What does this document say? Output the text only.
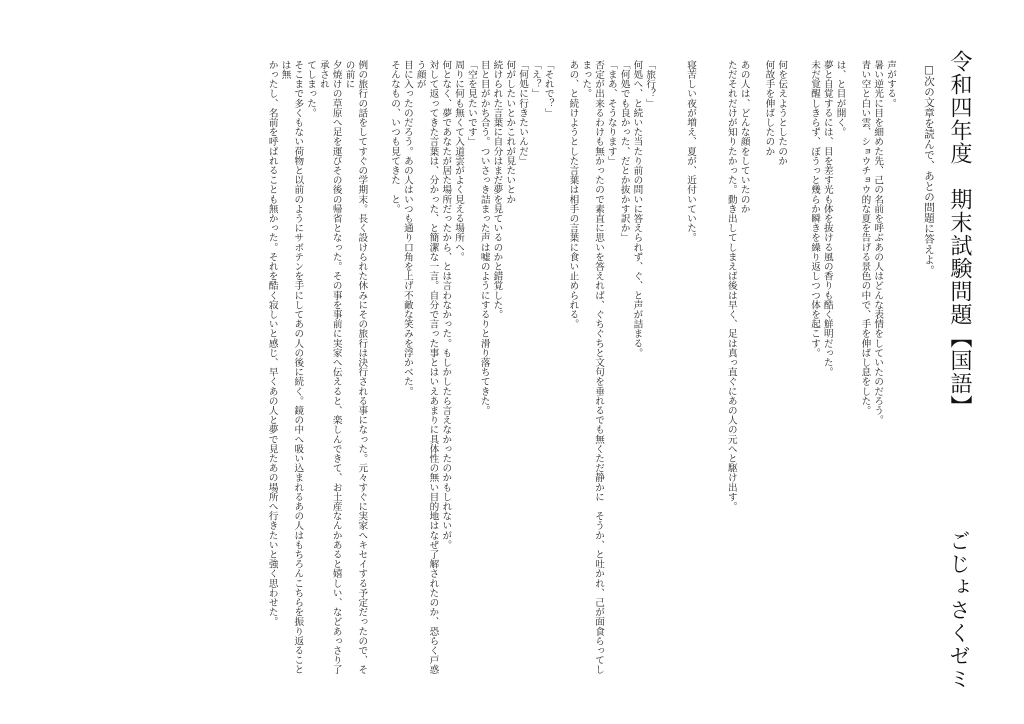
令和四年度　期末試験問題【国語】
ごじょさくゼミ
□次の文章を読んで、あとの問題に答えよ。

声がする。
暑い逆光に目を細めた先、己の名前を呼ぶあの人はどんな表情をしていたのだろう。
青い空と白い雲、ショウチョウ的な夏を告げる景色の中で、手を伸ばし息をした。

は、と目が開く。
夢と自覚するには、目を差す光も体を抜ける風の香りも酷く鮮明だった。
未だ覚醒しきらず、ぼうっと幾らか瞬きを繰り返しつつ体を起こす。

何を伝えようとしたのか
何故手を伸ばしたのか

あの人は、どんな顔をしていたのか
ただそれだけが知りたかった。動き出してしまえば後は早く、足は真っ直ぐにあの人の元へと駆け出す。

寝苦しい夜が増え、夏が、近付いていた。

「旅行？」
何処へ、と続いた当たり前の問いに答えられず、ぐ、と声が詰まる。
「何処でも良かった、だとか抜かす訳か」
「まあ、そうなります」
否定が出来るわけも無かったので素直に思いを答えれば、ぐちぐちと文句を垂れるでも無くただ静かに　そうか、と吐かれ、己が面食らってしまった。
あの、と続けようとした言葉は相手の言葉に食い止められる。

「それで？」
「え？」
「何処に行きたいんだ」
何がしたいとかこれが見たいとか
続けられた言葉に自分はまだ夢を見ているのかと錯覚した。
目と目がかち合う。ついさっき詰まった声は嘘のようにするりと滑り落ちてきた。
「空を見たいです」
周りに何も無くて入道雲がよく見える場所へ。
何となく、夢であなたが居た場所だったから、とは言わなかった。もしかしたら言えなかったのかもしれないが。
対して返ってきた言葉は、分かった、と簡潔な一言。自分で言った事とはいえあまりに具体性の無い目的地はなぜ了解されたのか、恐らく戸惑う顔が
目に入ったのだろう。あの人はいつも通り口角を上げ不敵な笑みを浮かべた。
そんなもの、いつも見てきた　と。

例の旅行の話をしてすぐの学期末。長く設けられた休みにその旅行は決行される事になった。元々すぐに実家へキセイする予定だったので、その前に
夕焼けの草原へ足を運びその後の帰省となった。その事を事前に実家へ伝えると、楽しんできて、お土産なんかあると嬉しい、などあっさり了承され
てしまった。
そこまで多くもない荷物と以前のようにサボテンを手にしてあの人の後に続く。鏡の中へ吸い込まれるあの人はもちろんこちらを振り返ることは無
かったし、名前を呼ばれることも無かった。それを酷く寂しいと感じ、早くあの人と夢で見たあの場所へ行きたいと強く思わせた。
